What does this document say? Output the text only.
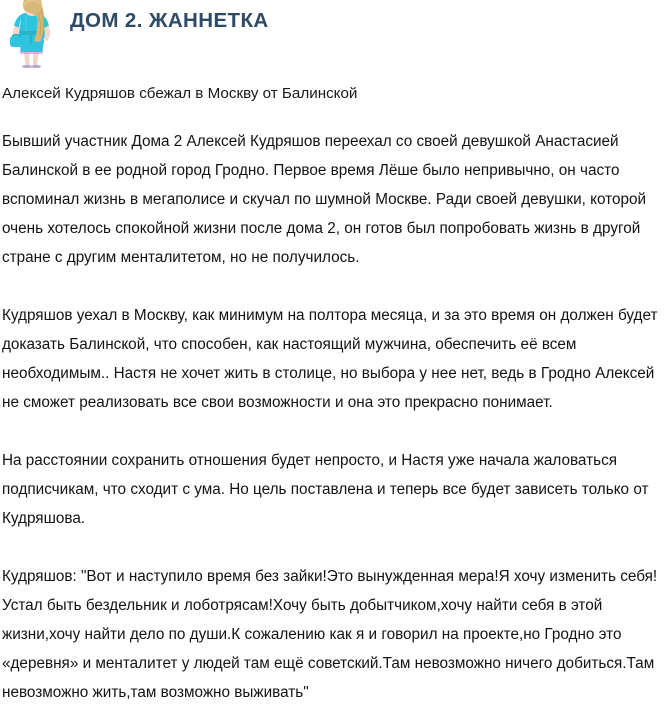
ДОМ 2. ЖАННЕТКА
Алексей Кудряшов сбежал в Москву от Балинской

Бывший участник Дома 2 Алексей Кудряшов переехал со своей девушкой Анастасией Балинской в ее родной город Гродно. Первое время Лёше было непривычно, он часто вспоминал жизнь в мегаполисе и скучал по шумной Москве. Ради своей девушки, которой очень хотелось спокойной жизни после дома 2, он готов был попробовать жизнь в другой стране с другим менталитетом, но не получилось.

Кудряшов уехал в Москву, как минимум на полтора месяца, и за это время он должен будет доказать Балинской, что способен, как настоящий мужчина, обеспечить её всем необходимым.. Настя не хочет жить в столице, но выбора у нее нет, ведь в Гродно Алексей не сможет реализовать все свои возможности и она это прекрасно понимает.

На расстоянии сохранить отношения будет непросто, и Настя уже начала жаловаться подписчикам, что сходит с ума. Но цель поставлена и теперь все будет зависеть только от Кудряшова.

Кудряшов: "Вот и наступило время без зайки!Это вынужденная мера!Я хочу изменить себя!Устал быть бездельник и лоботрясам!Хочу быть добытчиком,хочу найти себя в этой жизни,хочу найти дело по души.К сожалению как я и говорил на проекте,но Гродно это «деревня» и менталитет у людей там ещё советский.Там невозможно ничего добиться.Там невозможно жить,там возможно выживать"
